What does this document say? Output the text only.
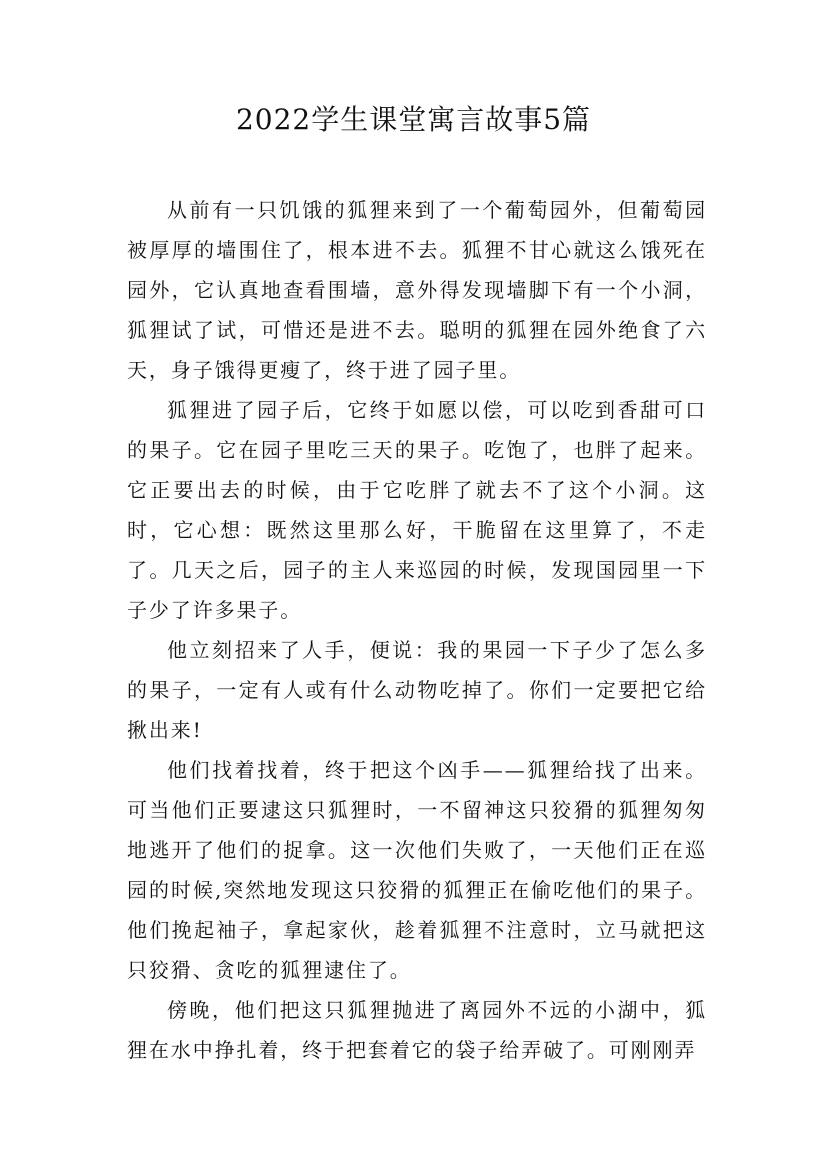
2022学生课堂寓言故事5篇

从前有一只饥饿的狐狸来到了一个葡萄园外，但葡萄园被厚厚的墙围住了，根本进不去。狐狸不甘心就这么饿死在园外，它认真地查看围墙，意外得发现墙脚下有一个小洞，狐狸试了试，可惜还是进不去。聪明的狐狸在园外绝食了六天，身子饿得更瘦了，终于进了园子里。

狐狸进了园子后，它终于如愿以偿，可以吃到香甜可口的果子。它在园子里吃三天的果子。吃饱了，也胖了起来。它正要出去的时候，由于它吃胖了就去不了这个小洞。这时，它心想：既然这里那么好，干脆留在这里算了，不走了。几天之后，园子的主人来巡园的时候，发现国园里一下子少了许多果子。

他立刻招来了人手，便说：我的果园一下子少了怎么多的果子，一定有人或有什么动物吃掉了。你们一定要把它给揪出来!

他们找着找着，终于把这个凶手——狐狸给找了出来。可当他们正要逮这只狐狸时，一不留神这只狡猾的狐狸匆匆地逃开了他们的捉拿。这一次他们失败了，一天他们正在巡园的时候,突然地发现这只狡猾的狐狸正在偷吃他们的果子。他们挽起袖子，拿起家伙，趁着狐狸不注意时，立马就把这只狡猾、贪吃的狐狸逮住了。

傍晚，他们把这只狐狸抛进了离园外不远的小湖中，狐狸在水中挣扎着，终于把套着它的袋子给弄破了。可刚刚弄
